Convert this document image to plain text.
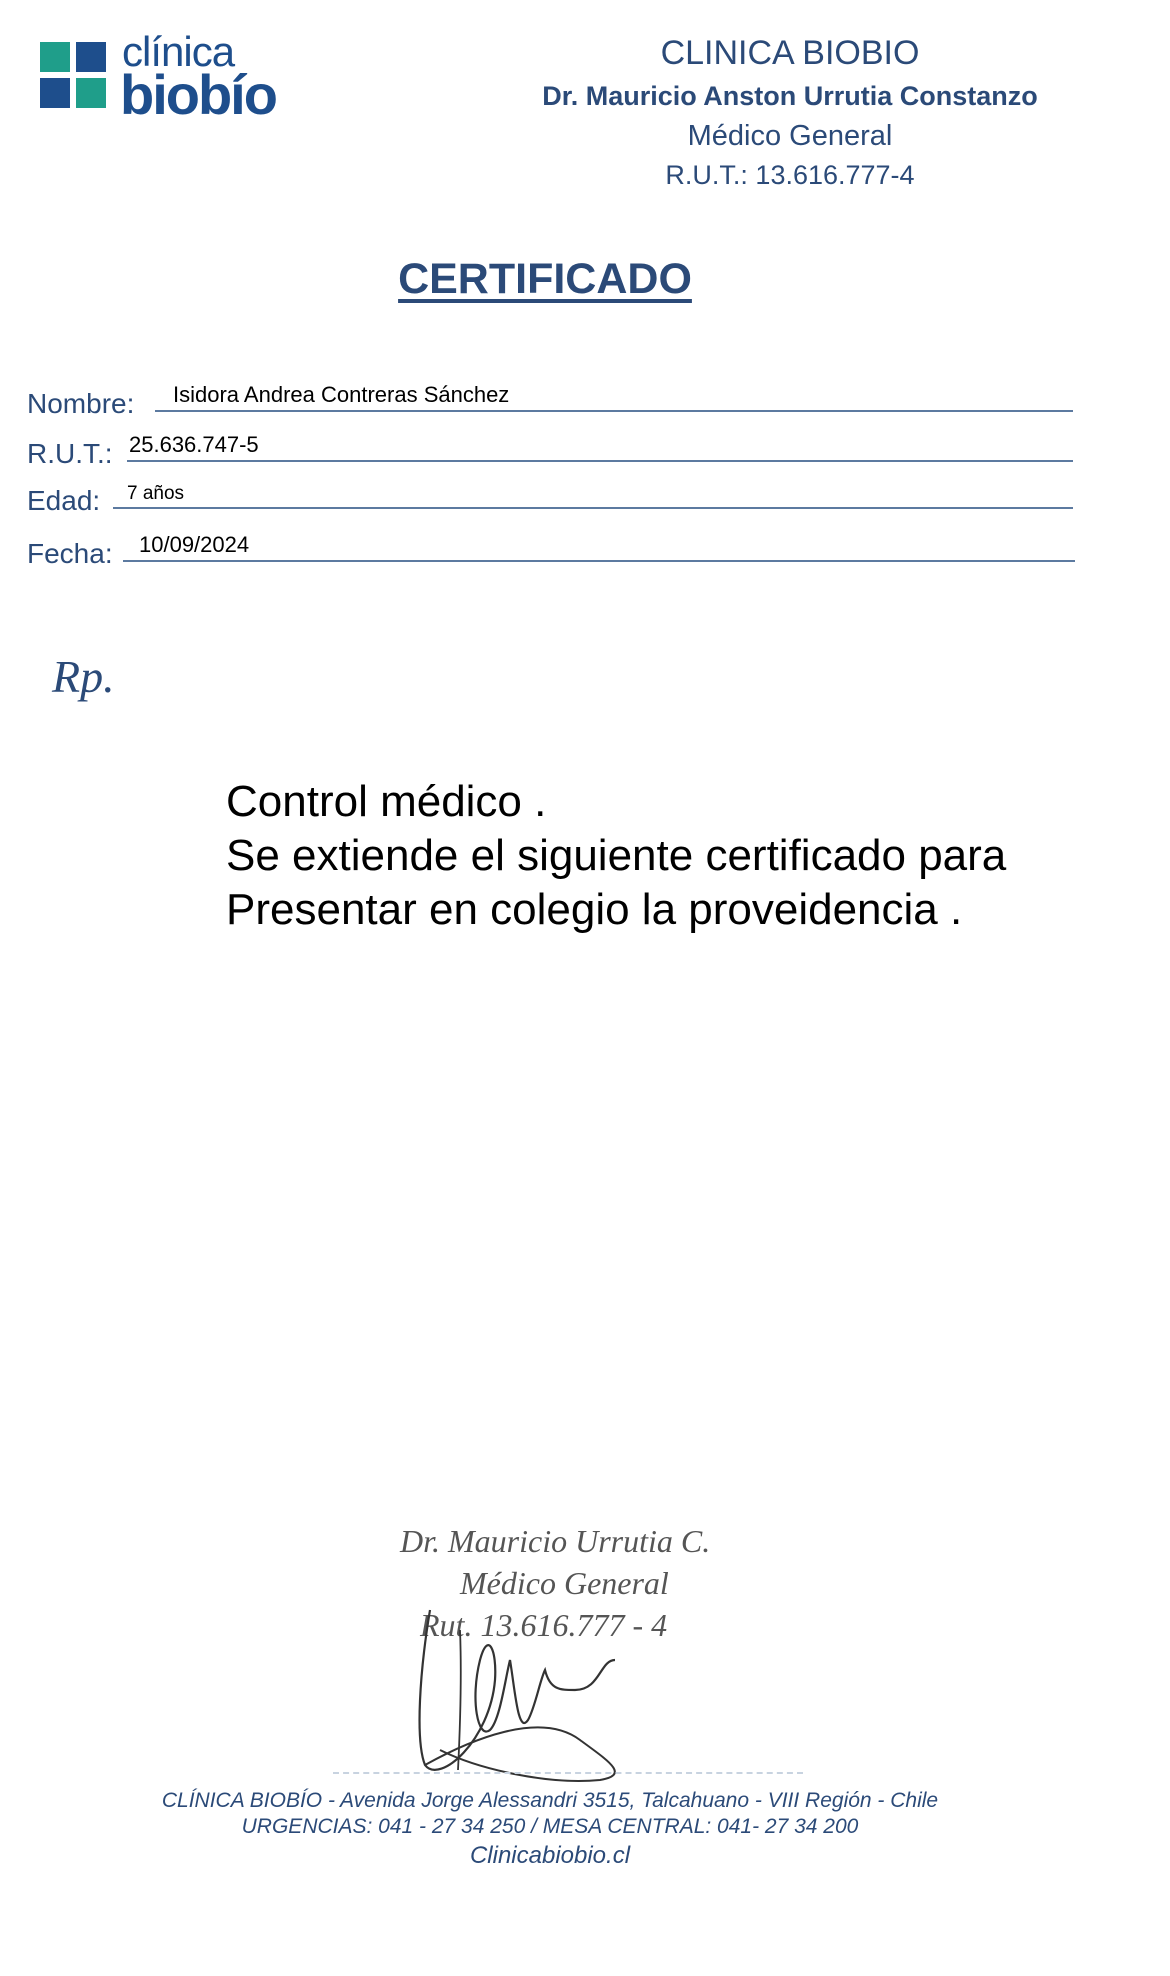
clínica
biobío
CLINICA BIOBIO
Dr. Mauricio Anston Urrutia Constanzo
Médico General
R.U.T.: 13.616.777-4
CERTIFICADO
Nombre: Isidora Andrea Contreras Sánchez
R.U.T.: 25.636.747-5
Edad: 7 años
Fecha: 10/09/2024
Rp.
Control médico .
Se extiende el siguiente certificado para
Presentar en colegio la proveidencia .
Dr. Mauricio Urrutia C.
Médico General
Rut. 13.616.777 - 4
CLÍNICA BIOBÍO - Avenida Jorge Alessandri 3515, Talcahuano - VIII Región - Chile
URGENCIAS: 041 - 27 34 250 / MESA CENTRAL: 041- 27 34 200
Clinicabiobio.cl
